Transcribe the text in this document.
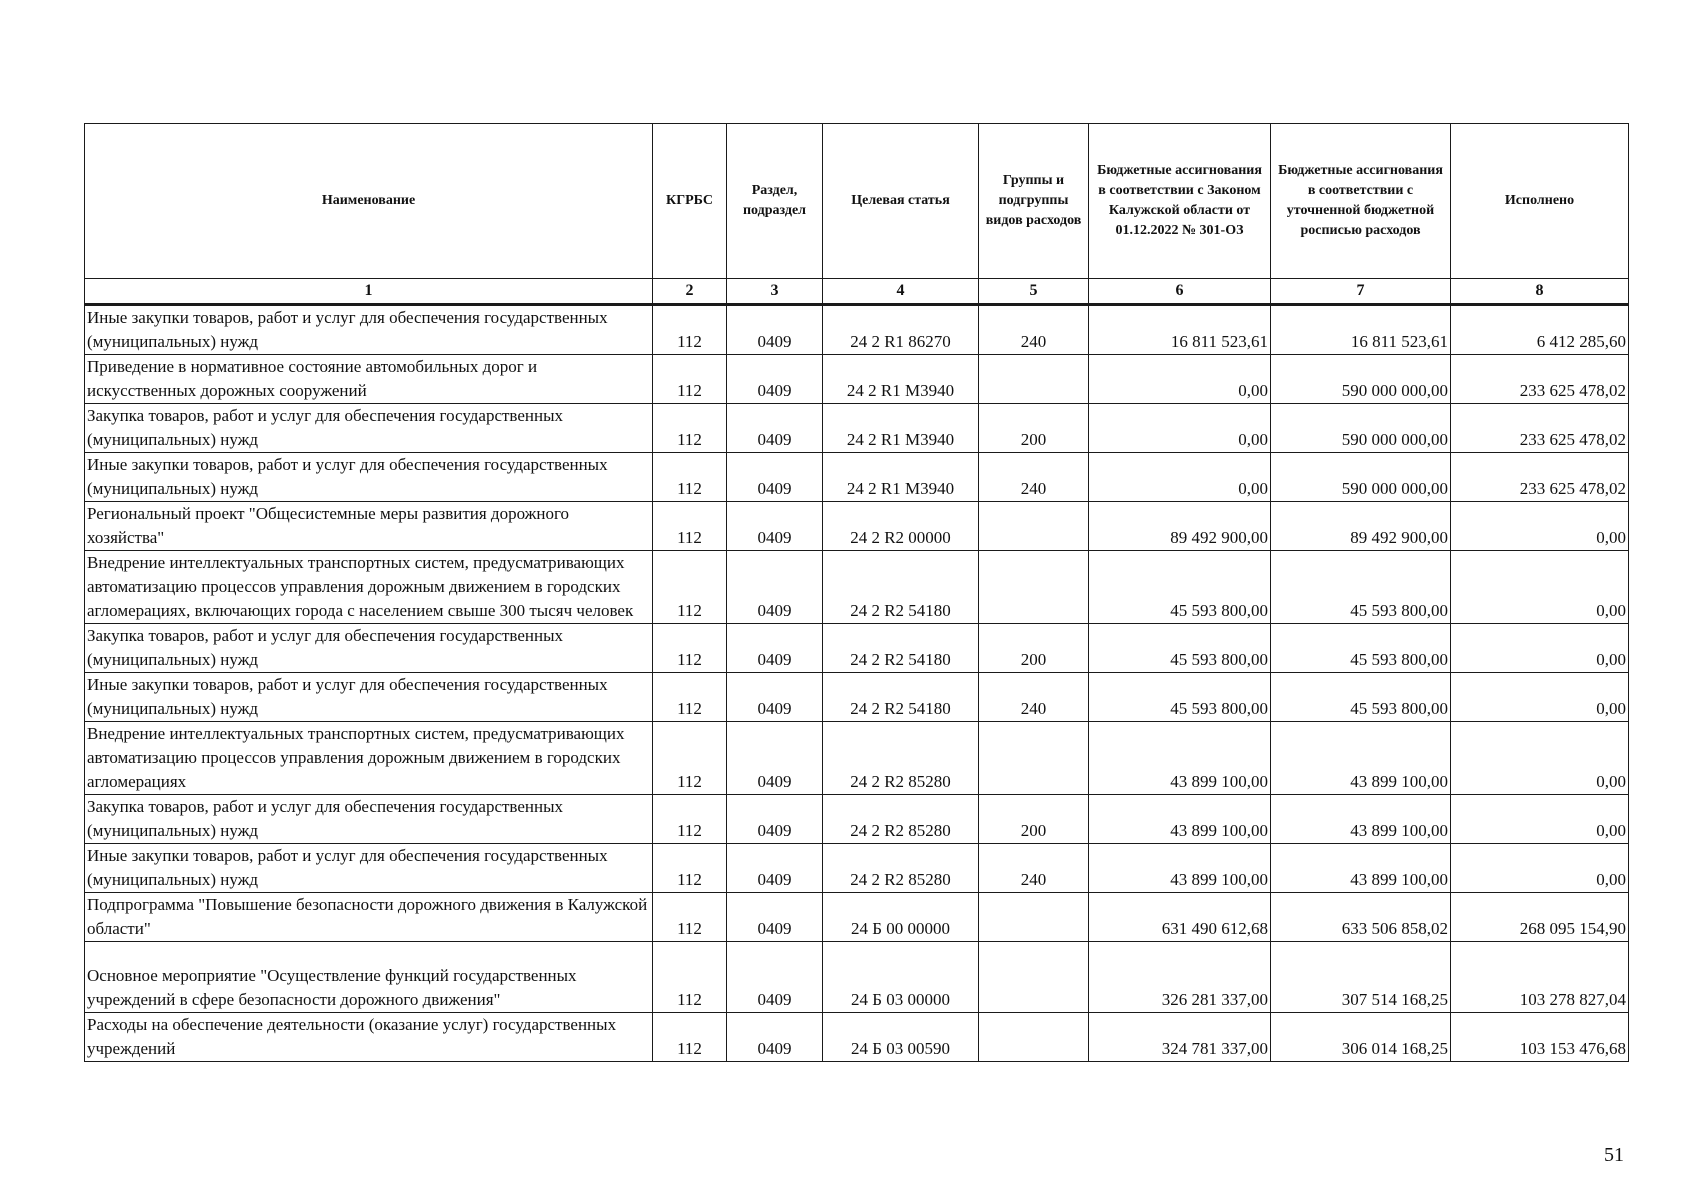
Наименование	КГРБС	Раздел, подраздел	Целевая статья	Группы и подгруппы видов расходов	Бюджетные ассигнования в соответствии с Законом Калужской области от 01.12.2022 № 301-ОЗ	Бюджетные ассигнования в соответствии с уточненной бюджетной росписью расходов	Исполнено
1	2	3	4	5	6	7	8
Иные закупки товаров, работ и услуг для обеспечения государственных (муниципальных) нужд	112	0409	24 2 R1 86270	240	16 811 523,61	16 811 523,61	6 412 285,60
Приведение в нормативное состояние автомобильных дорог и искусственных дорожных сооружений	112	0409	24 2 R1 M3940		0,00	590 000 000,00	233 625 478,02
Закупка товаров, работ и услуг для обеспечения государственных (муниципальных) нужд	112	0409	24 2 R1 M3940	200	0,00	590 000 000,00	233 625 478,02
Иные закупки товаров, работ и услуг для обеспечения государственных (муниципальных) нужд	112	0409	24 2 R1 M3940	240	0,00	590 000 000,00	233 625 478,02
Региональный проект "Общесистемные меры развития дорожного хозяйства"	112	0409	24 2 R2 00000		89 492 900,00	89 492 900,00	0,00
Внедрение интеллектуальных транспортных систем, предусматривающих автоматизацию процессов управления дорожным движением в городских агломерациях, включающих города с населением свыше 300 тысяч человек	112	0409	24 2 R2 54180		45 593 800,00	45 593 800,00	0,00
Закупка товаров, работ и услуг для обеспечения государственных (муниципальных) нужд	112	0409	24 2 R2 54180	200	45 593 800,00	45 593 800,00	0,00
Иные закупки товаров, работ и услуг для обеспечения государственных (муниципальных) нужд	112	0409	24 2 R2 54180	240	45 593 800,00	45 593 800,00	0,00
Внедрение интеллектуальных транспортных систем, предусматривающих автоматизацию процессов управления дорожным движением в городских агломерациях	112	0409	24 2 R2 85280		43 899 100,00	43 899 100,00	0,00
Закупка товаров, работ и услуг для обеспечения государственных (муниципальных) нужд	112	0409	24 2 R2 85280	200	43 899 100,00	43 899 100,00	0,00
Иные закупки товаров, работ и услуг для обеспечения государственных (муниципальных) нужд	112	0409	24 2 R2 85280	240	43 899 100,00	43 899 100,00	0,00
Подпрограмма "Повышение безопасности дорожного движения в Калужской области"	112	0409	24 Б 00 00000		631 490 612,68	633 506 858,02	268 095 154,90
Основное мероприятие "Осуществление функций государственных учреждений в сфере безопасности дорожного движения"	112	0409	24 Б 03 00000		326 281 337,00	307 514 168,25	103 278 827,04
Расходы на обеспечение деятельности (оказание услуг) государственных учреждений	112	0409	24 Б 03 00590		324 781 337,00	306 014 168,25	103 153 476,68
51
